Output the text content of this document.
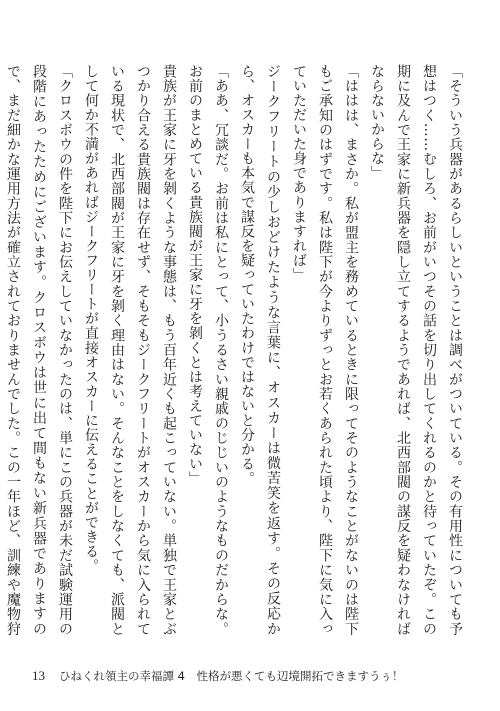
「そういう兵器があるらしいということは調べがついている。その有用性についても予想はつく……むしろ、お前がいつその話を切り出してくれるのかと待っていたぞ。この期に及んで王家に新兵器を隠し立てするようであれば、北西部閥の謀反を疑わなければならないからな」

「ははは、まさか。私が盟主を務めているときに限ってそのようなことがないのは陛下もご承知のはずです。私は陛下が今よりずっとお若くあられた頃より、陛下に気に入っていただいた身でありますれば」

ジークフリートの少しおどけたような言葉に、オスカーは微苦笑を返す。その反応から、オスカーも本気で謀反を疑っていたわけではないと分かる。

「ああ、冗談だ。お前は私にとって、小うるさい親戚のじじいのようなものだからな。お前のまとめている貴族閥が王家に牙を剝くとは考えていない」

貴族が王家に牙を剝くような事態は、もう百年近くも起こっていない。単独で王家とぶつかり合える貴族閥は存在せず、そもそもジークフリートがオスカーから気に入られている現状で、北西部閥が王家に牙を剝く理由はない。そんなことをしなくても、派閥として何か不満があればジークフリートが直接オスカーに伝えることができる。

「クロスボウの件を陛下にお伝えしていなかったのは、単にこの兵器が未だ試験運用の段階にあったためにございます。クロスボウは世に出て間もない新兵器でありますので、まだ細かな運用方法が確立されておりませんでした。この一年ほど、訓練や魔物狩

13 ひねくれ領主の幸福譚 4　性格が悪くても辺境開拓できますうぅ！
